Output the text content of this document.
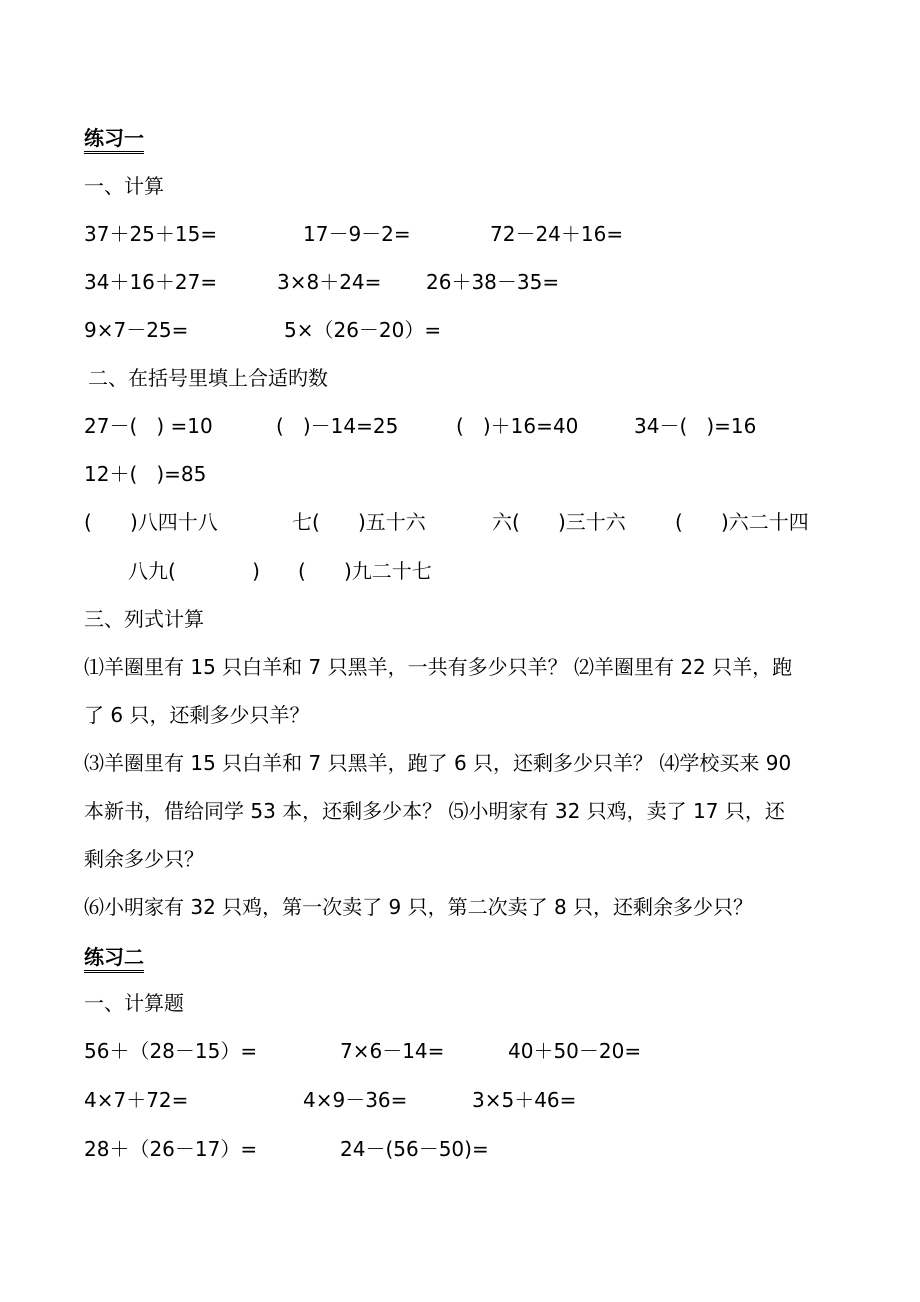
练习一
一、计算
37＋25＋15=	17－9－2=	72－24＋16=
34＋16＋27=	3×8＋24= 26＋38－35=
9×7－25=	5×（26－20）=
二、在括号里填上合适旳数
27－(   ) =10	(   )－14=25	(   )＋16=40	34－(   )=16
12＋(   )=85
(      )八四十八	七(      )五十六	六(      )三十六 (      )六二十四
八九(            ) (      )九二十七
三、列式计算
⑴羊圈里有 15 只白羊和 7 只黑羊，一共有多少只羊？ ⑵羊圈里有 22 只羊，跑
了 6 只，还剩多少只羊？
⑶羊圈里有 15 只白羊和 7 只黑羊，跑了 6 只，还剩多少只羊？ ⑷学校买来 90
本新书，借给同学 53 本，还剩多少本？ ⑸小明家有 32 只鸡，卖了 17 只，还
剩余多少只？
⑹小明家有 32 只鸡，第一次卖了 9 只，第二次卖了 8 只，还剩余多少只？
练习二
一、计算题
56＋（28－15）=	7×6－14=	40＋50－20=
4×7＋72=	4×9－36=	3×5＋46=
28＋（26－17）=	24－(56－50)=
